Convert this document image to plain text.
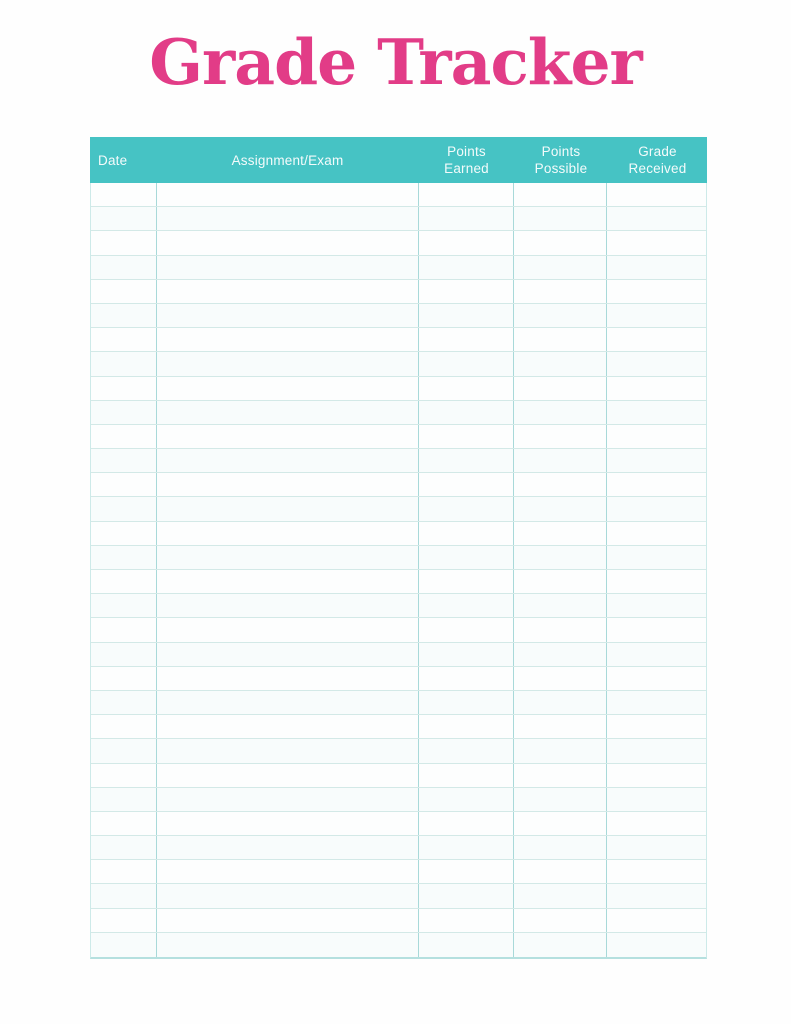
Grade Tracker
Date	Assignment/Exam
Points Earned
Points Possible
Grade Received
